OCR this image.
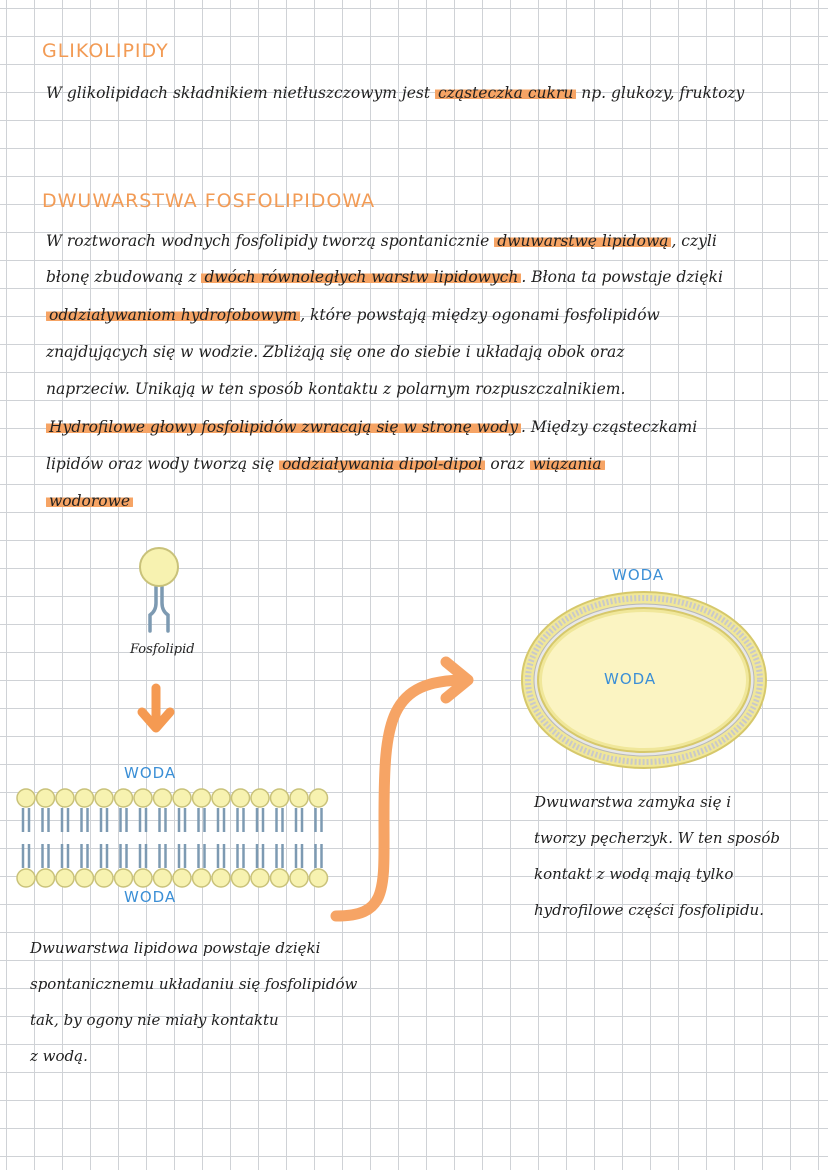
GLIKOLIPIDY
W glikolipidach składnikiem nietłuszczowym jest cząsteczka cukru np. glukozy, fruktozy
DWUWARSTWA FOSFOLIPIDOWA
W roztworach wodnych fosfolipidy tworzą spontanicznie dwuwarstwę lipidową , czyli
błonę zbudowaną z dwóch równoległych warstw lipidowych . Błona ta powstaje dzięki
oddziaływaniom hydrofobowym , które powstają między ogonami fosfolipidów
znajdujących się w wodzie. Zbliżają się one do siebie i układają obok oraz
naprzeciw. Unikają w ten sposób kontaktu z polarnym rozpuszczalnikiem.
Hydrofilowe głowy fosfolipidów zwracają się w stronę wody . Między cząsteczkami
lipidów oraz wody tworzą się oddziaływania dipol-dipol oraz wiązania
wodorowe
Fosfolipid
WODA
WODA
WODA
WODA
Dwuwarstwa lipidowa powstaje dzięki
spontanicznemu układaniu się fosfolipidów
tak, by ogony nie miały kontaktu
z wodą.
Dwuwarstwa zamyka się i
tworzy pęcherzyk. W ten sposób
kontakt z wodą mają tylko
hydrofilowe części fosfolipidu.
